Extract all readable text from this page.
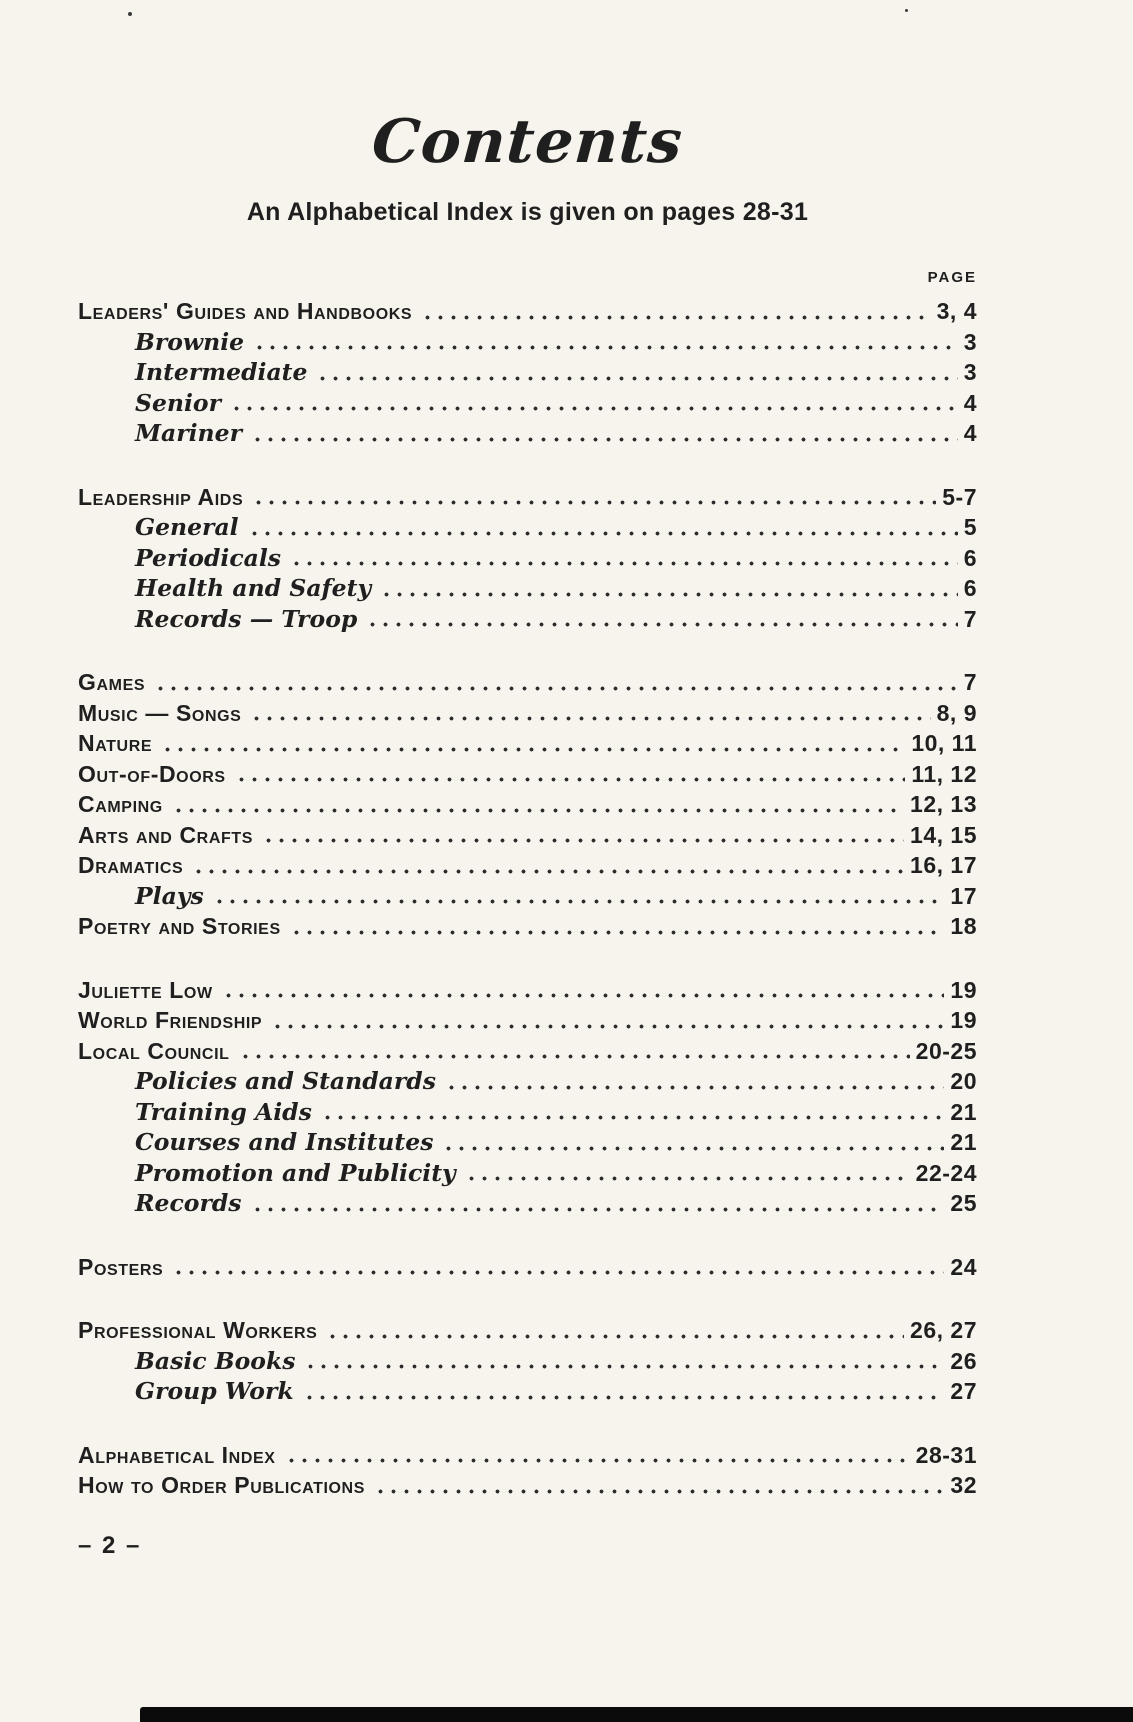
Contents
An Alphabetical Index is given on pages 28-31
PAGE
Leaders' Guides and Handbooks	3, 4
Brownie	3
Intermediate	3
Senior	4
Mariner	4
Leadership Aids	5-7
General	5
Periodicals	6
Health and Safety	6
Records — Troop	7
Games	7
Music — Songs	8, 9
Nature	10, 11
Out-of-Doors	11, 12
Camping	12, 13
Arts and Crafts	14, 15
Dramatics	16, 17
Plays	17
Poetry and Stories	18
Juliette Low	19
World Friendship	19
Local Council	20-25
Policies and Standards	20
Training Aids	21
Courses and Institutes	21
Promotion and Publicity	22-24
Records	25
Posters	24
Professional Workers	26, 27
Basic Books	26
Group Work	27
Alphabetical Index	28-31
How to Order Publications	32
– 2 –
